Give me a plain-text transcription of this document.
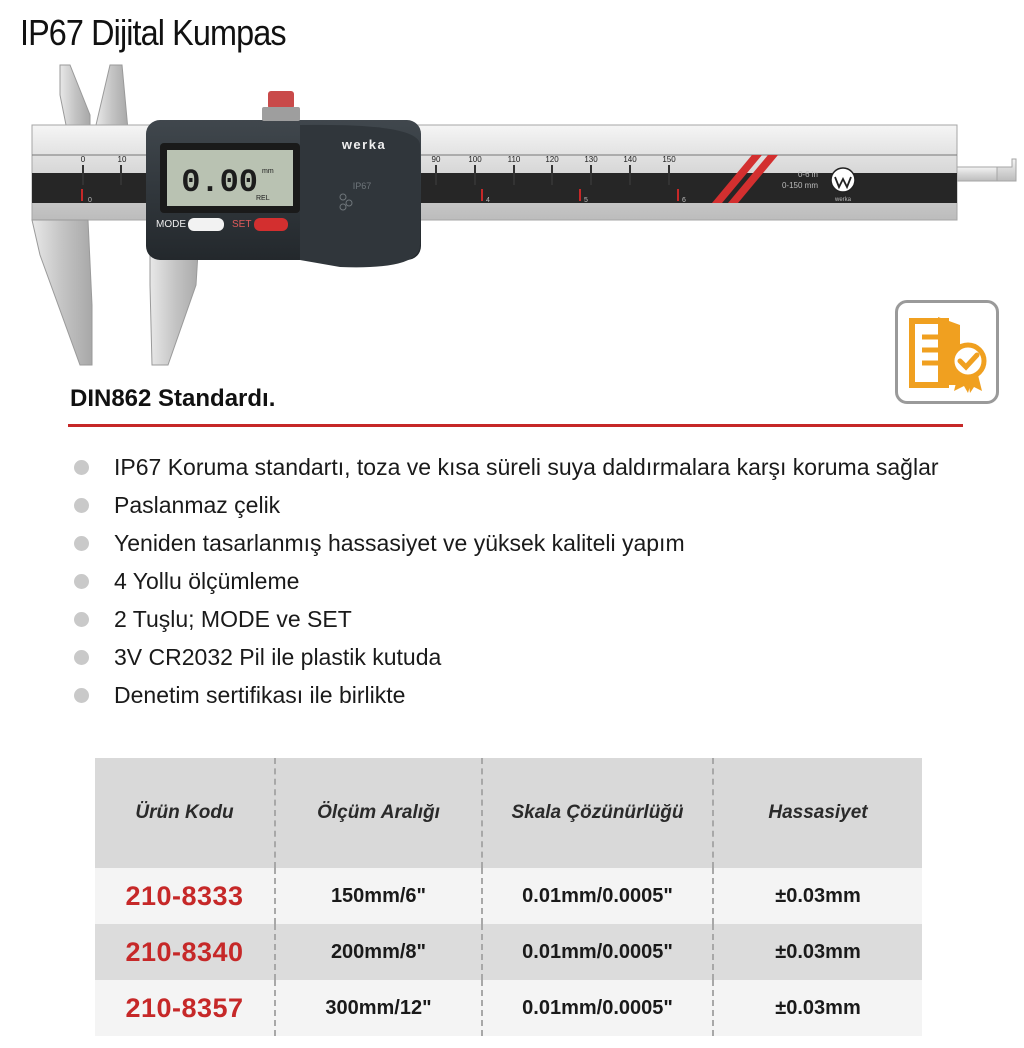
IP67 Dijital Kumpas
0	10	90	100	110	120	130	140	150
0	4	5	6
0-6 in
0-150 mm
werka
0.00 mm
REL
MODE	SET
werka
IP67
DIN862 Standardı.
IP67 Koruma standartı, toza ve kısa süreli suya daldırmalara karşı koruma sağlar
Paslanmaz çelik
Yeniden tasarlanmış hassasiyet ve yüksek kaliteli yapım
4 Yollu ölçümleme
2 Tuşlu; MODE ve SET
3V CR2032 Pil ile plastik kutuda
Denetim sertifikası ile birlikte
Ürün Kodu	Ölçüm Aralığı	Skala Çözünürlüğü	Hassasiyet
210-8333	150mm/6"	0.01mm/0.0005"	±0.03mm
210-8340	200mm/8"	0.01mm/0.0005"	±0.03mm
210-8357	300mm/12"	0.01mm/0.0005"	±0.03mm
